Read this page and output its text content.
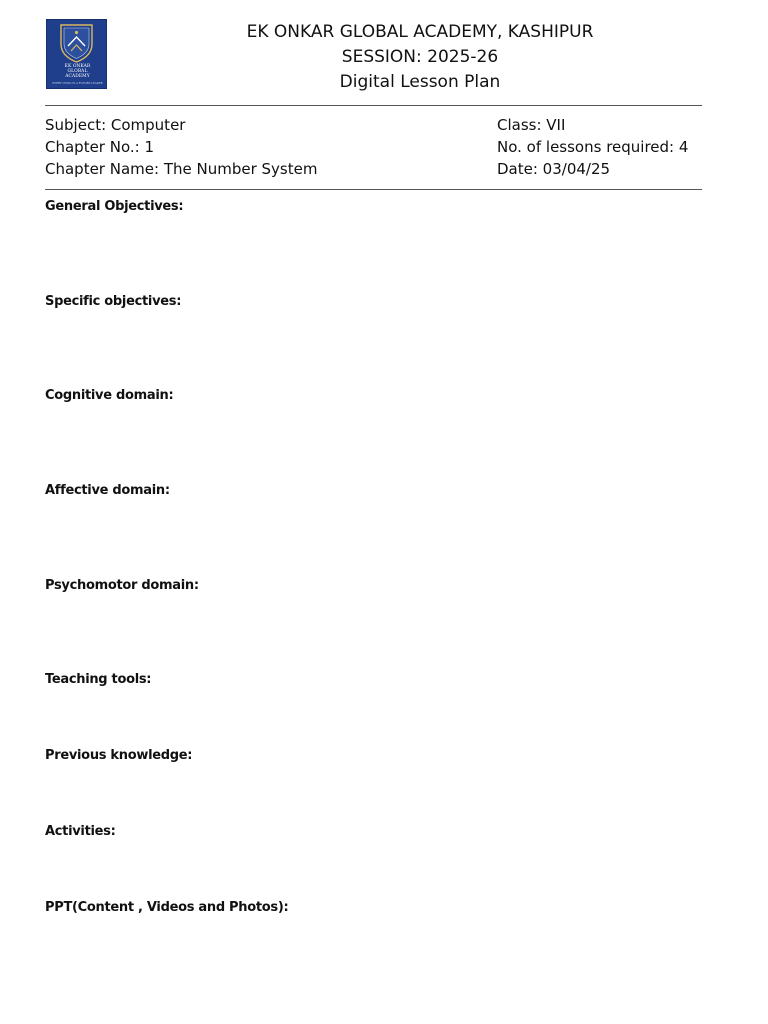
EK ONKAR
GLOBAL
ACADEMY
EVERY CHILD IS A FUTURE LEADER
EK ONKAR GLOBAL ACADEMY, KASHIPUR
SESSION: 2025-26
Digital Lesson Plan
Subject: Computer
Chapter No.: 1
Chapter Name: The Number System
Class: VII
No. of lessons required: 4
Date: 03/04/25
General Objectives:
Specific objectives:
Cognitive domain:
Affective domain:
Psychomotor domain:
Teaching tools:
Previous knowledge:
Activities:
PPT(Content , Videos and Photos):
